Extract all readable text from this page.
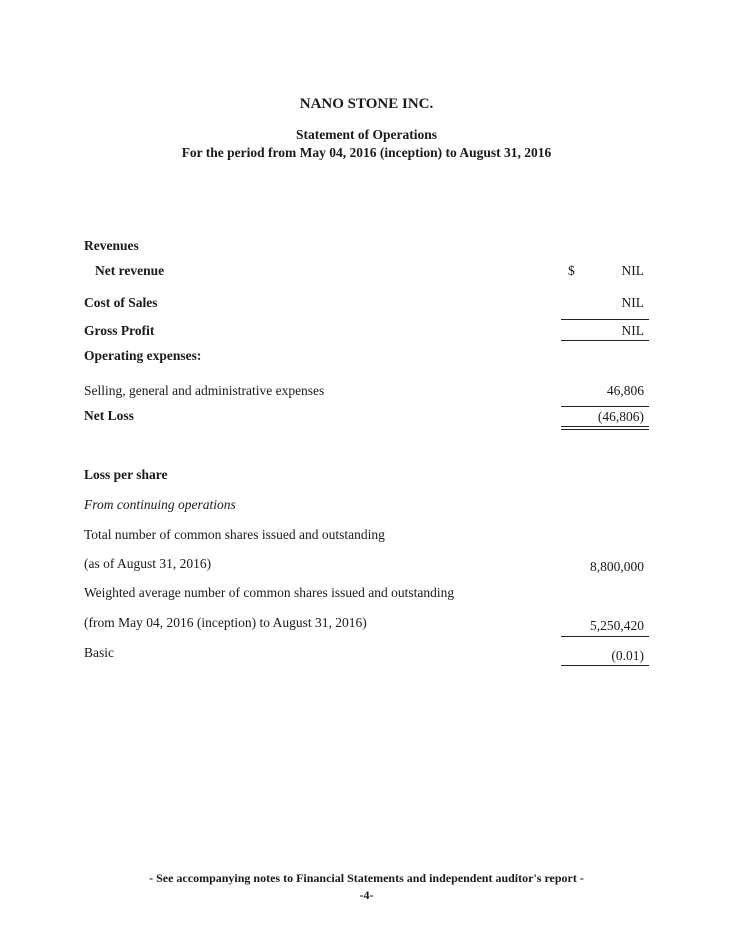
NANO STONE INC.
Statement of Operations
For the period from May 04, 2016 (inception) to August 31, 2016
Revenues
Net revenue	$	NIL
Cost of Sales	NIL
Gross Profit	NIL
Operating expenses:
Selling, general and administrative expenses	46,806
Net Loss	(46,806)
Loss per share
From continuing operations
Total number of common shares issued and outstanding
(as of August 31, 2016)	8,800,000
Weighted average number of common shares issued and outstanding
(from May 04, 2016 (inception) to August 31, 2016)	5,250,420
Basic	(0.01)
- See accompanying notes to Financial Statements and independent auditor's report -
-4-
